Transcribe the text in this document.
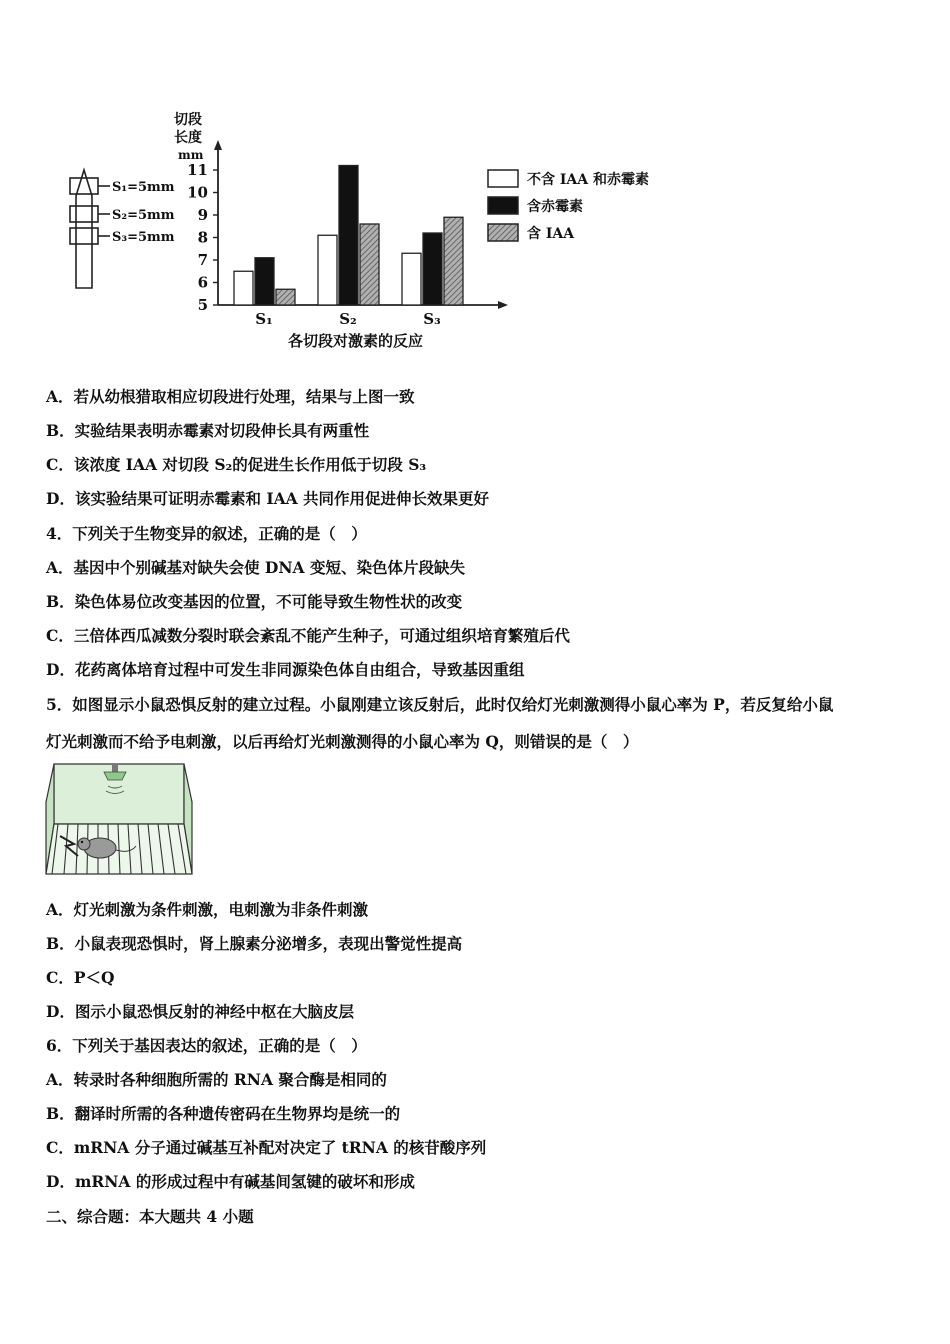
S₁=5mm
S₂=5mm
S₃=5mm
切段
长度
mm
5
6
7
8
9
10
11
S₁	S₂	S₃
各切段对激素的反应
不含 IAA 和赤霉素
含赤霉素
含 IAA
A．若从幼根猎取相应切段进行处理，结果与上图一致
B．实验结果表明赤霉素对切段伸长具有两重性
C．该浓度 IAA 对切段 S₂的促进生长作用低于切段 S₃
D．该实验结果可证明赤霉素和 IAA 共同作用促进伸长效果更好
4．下列关于生物变异的叙述，正确的是（　）
A．基因中个别碱基对缺失会使 DNA 变短、染色体片段缺失
B．染色体易位改变基因的位置，不可能导致生物性状的改变
C．三倍体西瓜减数分裂时联会紊乱不能产生种子，可通过组织培育繁殖后代
D．花药离体培育过程中可发生非同源染色体自由组合，导致基因重组
5．如图显示小鼠恐惧反射的建立过程。小鼠刚建立该反射后，此时仅给灯光刺激测得小鼠心率为 P，若反复给小鼠
灯光刺激而不给予电刺激，以后再给灯光刺激测得的小鼠心率为 Q，则错误的是（　）
A．灯光刺激为条件刺激，电刺激为非条件刺激
B．小鼠表现恐惧时，肾上腺素分泌增多，表现出警觉性提高
C．P＜Q
D．图示小鼠恐惧反射的神经中枢在大脑皮层
6．下列关于基因表达的叙述，正确的是（　）
A．转录时各种细胞所需的 RNA 聚合酶是相同的
B．翻译时所需的各种遗传密码在生物界均是统一的
C．mRNA 分子通过碱基互补配对决定了 tRNA 的核苷酸序列
D．mRNA 的形成过程中有碱基间氢键的破坏和形成
二、综合题：本大题共 4 小题
